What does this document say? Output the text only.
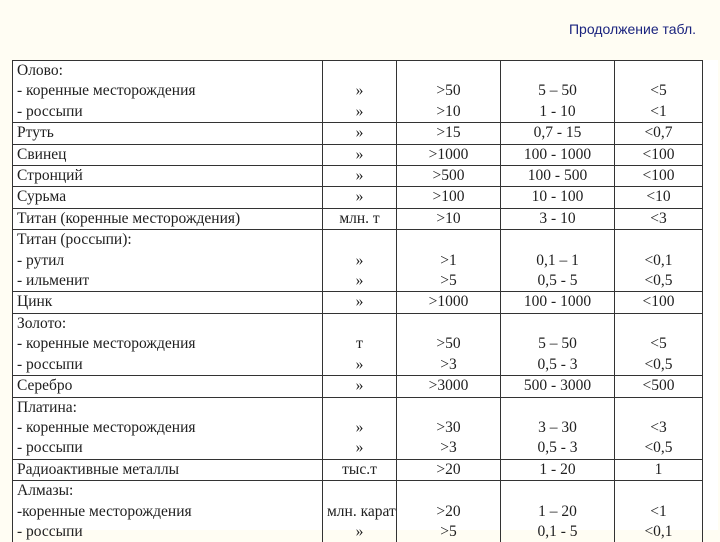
Продолжение табл.
Олово:				
- коренные месторождения	»	>50	5 – 50	<5
- россыпи	»	>10	1 - 10	<1
Ртуть	»	>15	0,7 - 15	<0,7
Свинец	»	>1000	100 - 1000	<100
Стронций	»	>500	100 - 500	<100
Сурьма	»	>100	10 - 100	<10
Титан (коренные месторождения)	млн. т	>10	3 - 10	<3
Титан (россыпи):				
- рутил	»	>1	0,1 – 1	<0,1
- ильменит	»	>5	0,5 - 5	<0,5
Цинк	»	>1000	100 - 1000	<100
Золото:				
- коренные месторождения	т	>50	5 – 50	<5
- россыпи	»	>3	0,5 - 3	<0,5
Серебро	»	>3000	500 - 3000	<500
Платина:				
- коренные месторождения	»	>30	3 – 30	<3
- россыпи	»	>3	0,5 - 3	<0,5
Радиоактивные металлы	тыс.т	>20	1 - 20	1
Алмазы:				
-коренные месторождения	млн. карат	>20	1 – 20	<1
- россыпи	»	>5	0,1 - 5	<0,1
